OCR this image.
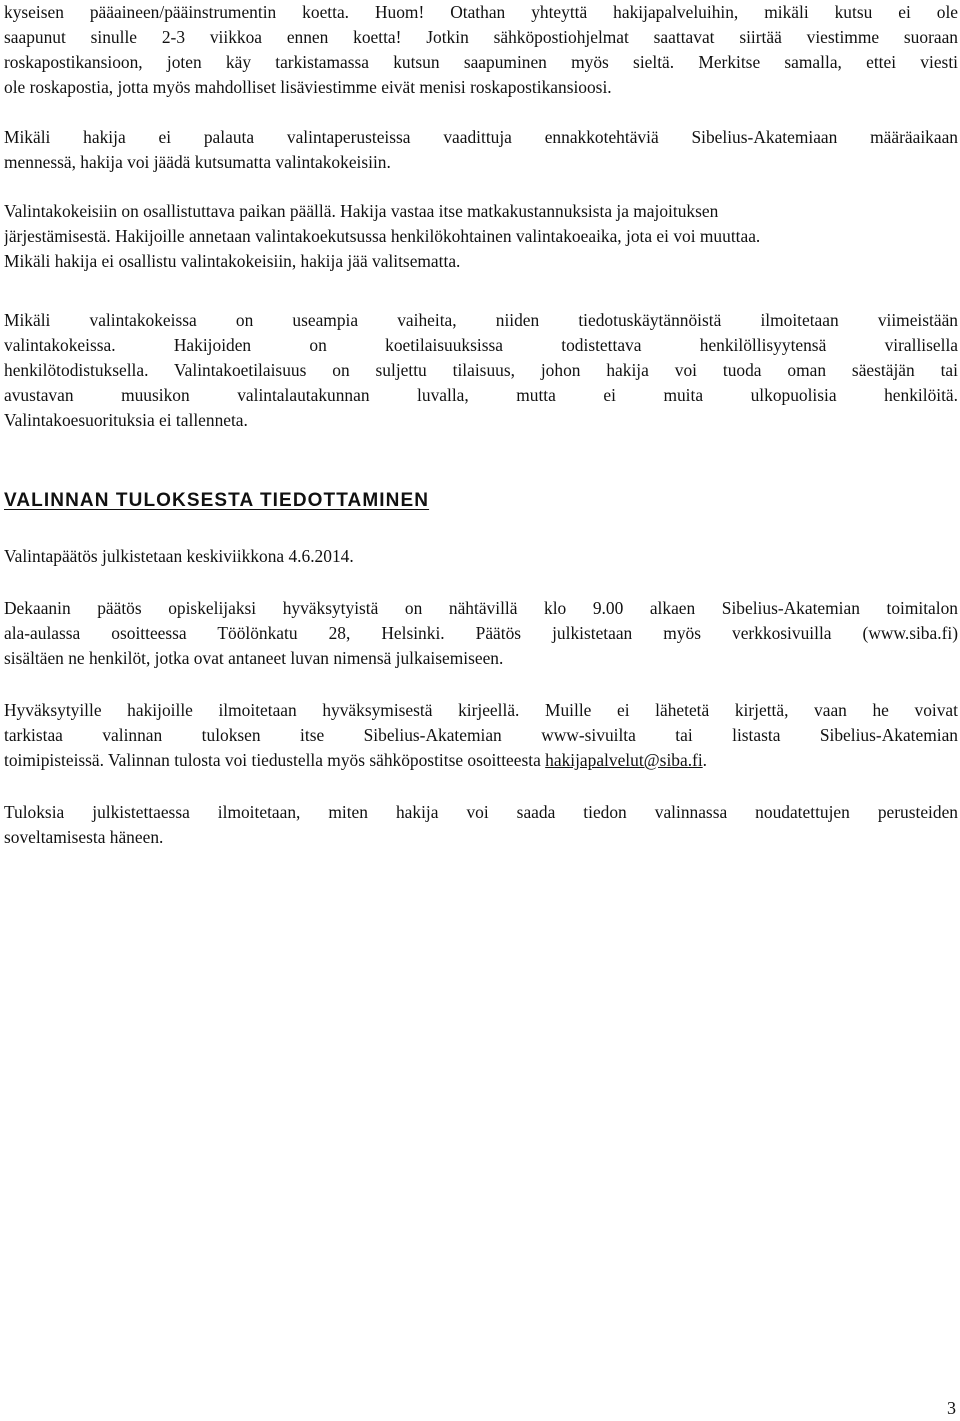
kyseisen pääaineen/pääinstrumentin koetta. Huom! Otathan yhteyttä hakijapalveluihin, mikäli kutsu ei ole
saapunut sinulle 2-3 viikkoa ennen koetta! Jotkin sähköpostiohjelmat saattavat siirtää viestimme suoraan
roskapostikansioon, joten käy tarkistamassa kutsun saapuminen myös sieltä. Merkitse samalla, ettei viesti
ole roskapostia, jotta myös mahdolliset lisäviestimme eivät menisi roskapostikansioosi.
Mikäli hakija ei palauta valintaperusteissa vaadittuja ennakkotehtäviä Sibelius-Akatemiaan määräaikaan
mennessä, hakija voi jäädä kutsumatta valintakokeisiin.
Valintakokeisiin on osallistuttava paikan päällä. Hakija vastaa itse matkakustannuksista ja majoituksen
järjestämisestä. Hakijoille annetaan valintakoekutsussa henkilökohtainen valintakoeaika, jota ei voi muuttaa.
Mikäli hakija ei osallistu valintakokeisiin, hakija jää valitsematta.
Mikäli valintakokeissa on useampia vaiheita, niiden tiedotuskäytännöistä ilmoitetaan viimeistään
valintakokeissa. Hakijoiden on koetilaisuuksissa todistettava henkilöllisyytensä virallisella
henkilötodistuksella. Valintakoetilaisuus on suljettu tilaisuus, johon hakija voi tuoda oman säestäjän tai
avustavan muusikon valintalautakunnan luvalla, mutta ei muita ulkopuolisia henkilöitä.
Valintakoesuorituksia ei tallenneta.
VALINNAN TULOKSESTA TIEDOTTAMINEN
Valintapäätös julkistetaan keskiviikkona 4.6.2014.
Dekaanin päätös opiskelijaksi hyväksytyistä on nähtävillä klo 9.00 alkaen Sibelius-Akatemian toimitalon
ala-aulassa osoitteessa Töölönkatu 28, Helsinki. Päätös julkistetaan myös verkkosivuilla (www.siba.fi)
sisältäen ne henkilöt, jotka ovat antaneet luvan nimensä julkaisemiseen.
Hyväksytyille hakijoille ilmoitetaan hyväksymisestä kirjeellä. Muille ei lähetetä kirjettä, vaan he voivat
tarkistaa valinnan tuloksen itse Sibelius-Akatemian www-sivuilta tai listasta Sibelius-Akatemian
toimipisteissä. Valinnan tulosta voi tiedustella myös sähköpostitse osoitteesta hakijapalvelut@siba.fi.
Tuloksia julkistettaessa ilmoitetaan, miten hakija voi saada tiedon valinnassa noudatettujen perusteiden
soveltamisesta häneen.
3
